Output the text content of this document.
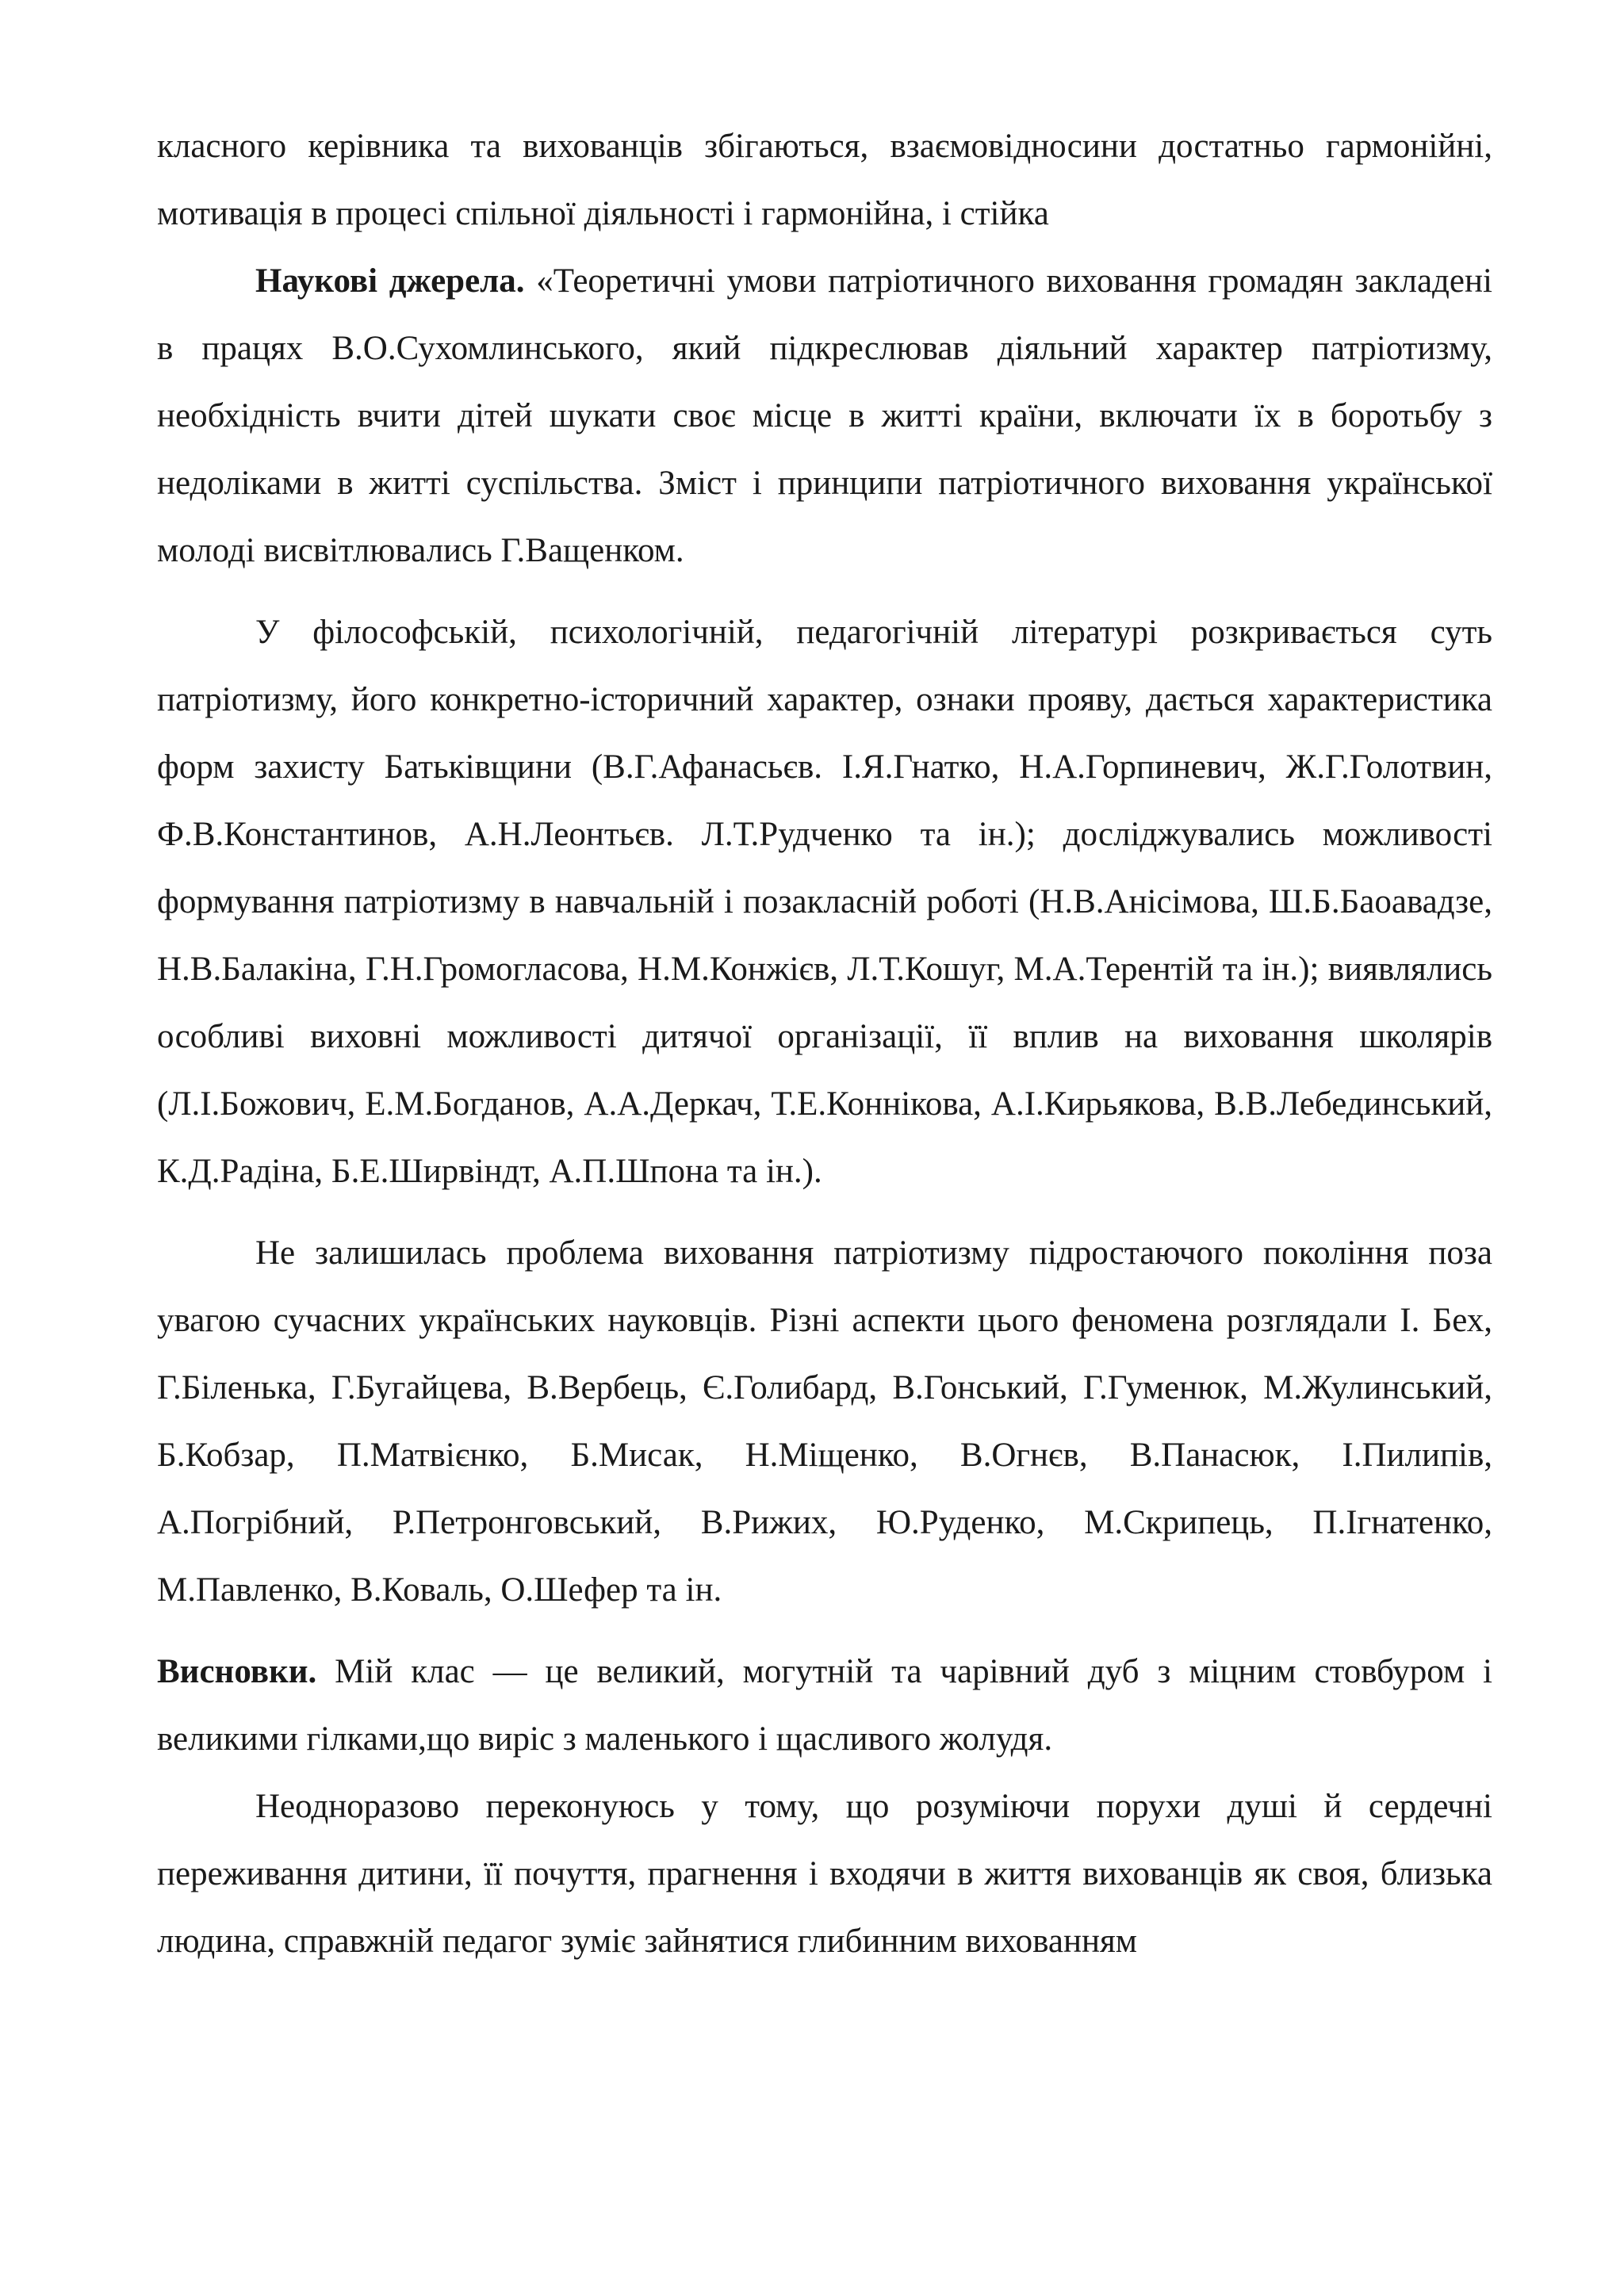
класного керівника та вихованців збігаються, взаємовідносини достатньо гармонійні, мотивація в процесі спільної діяльності і гармонійна, і стійка

Наукові джерела. «Теоретичні умови патріотичного виховання громадян закладені в працях В.О.Сухомлинського, який підкреслював діяльний характер патріотизму, необхідність вчити дітей шукати своє місце в житті країни, включати їх в боротьбу з недоліками в житті суспільства. Зміст і принципи патріотичного виховання української молоді висвітлювались Г.Ващенком.

У філософській, психологічній, педагогічній літературі розкривається суть патріотизму, його конкретно-історичний характер, ознаки прояву, дається характеристика форм захисту Батьківщини (В.Г.Афанасьєв. І.Я.Гнатко, Н.А.Горпиневич, Ж.Г.Голотвин, Ф.В.Константинов, А.Н.Леонтьєв. Л.Т.Рудченко та ін.); досліджувались можливості формування патріотизму в навчальній і позакласній роботі (Н.В.Анісімова, Ш.Б.Баоавадзе, Н.В.Балакіна, Г.Н.Громогласова, Н.М.Конжієв, Л.Т.Кошуг, М.А.Терентій та ін.); виявлялись особливі виховні можливості дитячої організації, її вплив на виховання школярів (Л.І.Божович, Е.М.Богданов, А.А.Деркач, Т.Е.Коннікова, А.І.Кирьякова, В.В.Лебединський, К.Д.Радіна, Б.Е.Ширвіндт, А.П.Шпона та ін.).

Не залишилась проблема виховання патріотизму підростаючого покоління поза увагою сучасних українських науковців. Різні аспекти цього феномена розглядали І. Бех, Г.Біленька, Г.Бугайцева, В.Вербець, Є.Голибард, В.Гонський, Г.Гуменюк, М.Жулинський, Б.Кобзар, П.Матвієнко, Б.Мисак, Н.Міщенко, В.Огнєв, В.Панасюк, І.Пилипів, А.Погрібний, Р.Петронговський, В.Рижих, Ю.Руденко, М.Скрипець, П.Ігнатенко, М.Павленко, В.Коваль, О.Шефер та ін.

Висновки. Мій клас — це великий, могутній та чарівний дуб з міцним стовбуром і великими гілками,що виріс з маленького і щасливого жолудя.

Неодноразово переконуюсь у тому, що розуміючи порухи душі й сердечні переживання дитини, її почуття, прагнення і входячи в життя вихованців як своя, близька людина, справжній педагог зуміє зайнятися глибинним вихованням
